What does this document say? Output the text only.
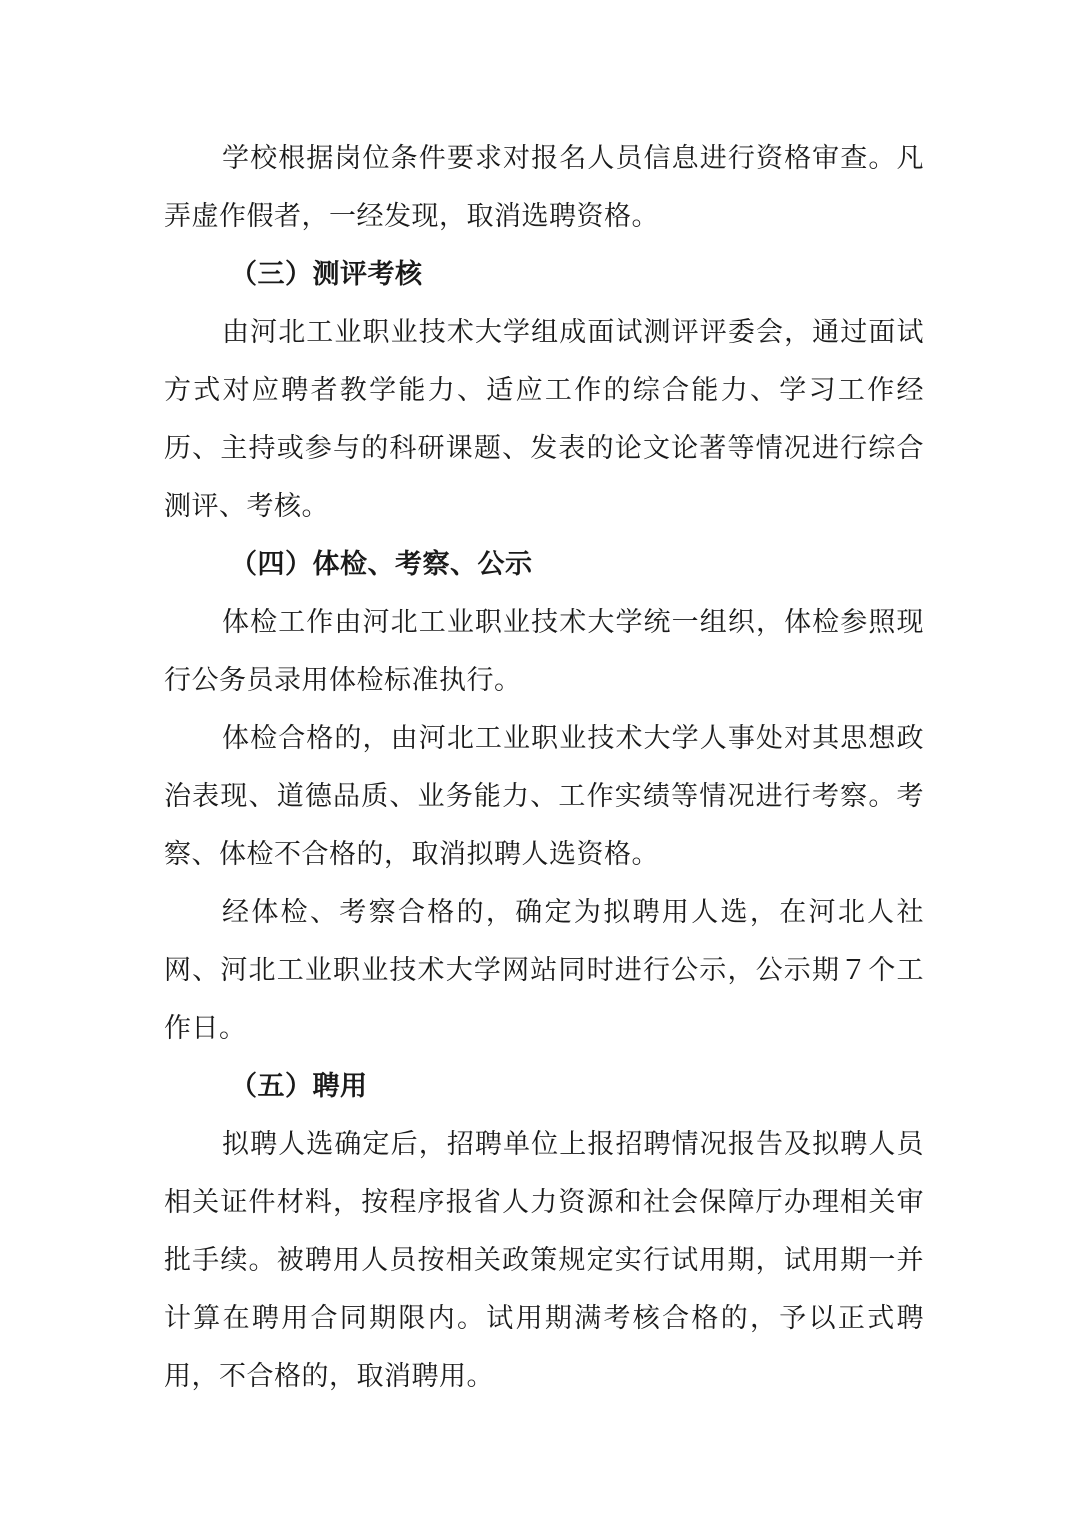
学校根据岗位条件要求对报名人员信息进行资格审查。凡弄虚作假者，一经发现，取消选聘资格。

（三）测评考核

由河北工业职业技术大学组成面试测评评委会，通过面试方式对应聘者教学能力、适应工作的综合能力、学习工作经历、主持或参与的科研课题、发表的论文论著等情况进行综合测评、考核。

（四）体检、考察、公示

体检工作由河北工业职业技术大学统一组织，体检参照现行公务员录用体检标准执行。

体检合格的，由河北工业职业技术大学人事处对其思想政治表现、道德品质、业务能力、工作实绩等情况进行考察。考察、体检不合格的，取消拟聘人选资格。

经体检、考察合格的，确定为拟聘用人选，在河北人社网、河北工业职业技术大学网站同时进行公示，公示期７个工作日。

（五）聘用

拟聘人选确定后，招聘单位上报招聘情况报告及拟聘人员相关证件材料，按程序报省人力资源和社会保障厅办理相关审批手续。被聘用人员按相关政策规定实行试用期，试用期一并计算在聘用合同期限内。试用期满考核合格的，予以正式聘用，不合格的，取消聘用。
